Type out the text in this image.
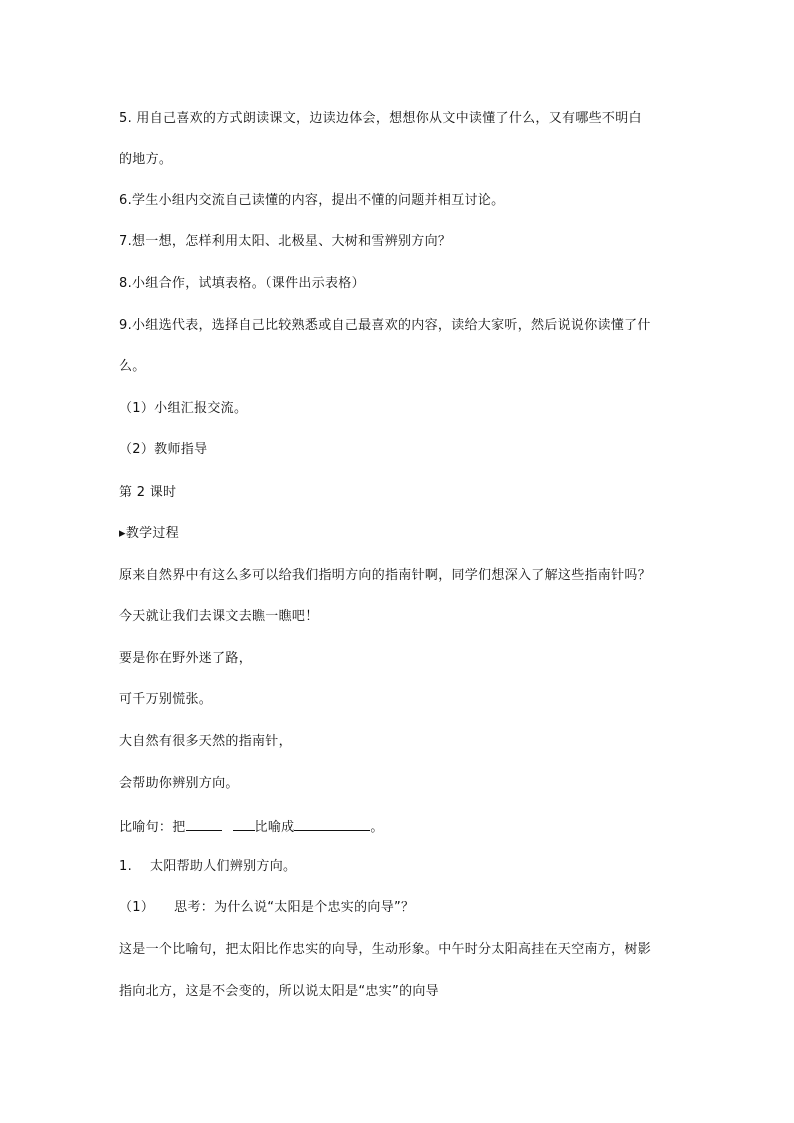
5. 用自己喜欢的方式朗读课文，边读边体会，想想你从文中读懂了什么，又有哪些不明白
的地方。
6.学生小组内交流自己读懂的内容，提出不懂的问题并相互讨论。
7.想一想，怎样利用太阳、北极星、大树和雪辨别方向？
8.小组合作，试填表格。（课件出示表格）
9.小组选代表，选择自己比较熟悉或自己最喜欢的内容，读给大家听，然后说说你读懂了什
么。
（1）小组汇报交流。
（2）教师指导
第 2 课时
▸教学过程
原来自然界中有这么多可以给我们指明方向的指南针啊，同学们想深入了解这些指南针吗？
今天就让我们去课文去瞧一瞧吧！
要是你在野外迷了路，
可千万别慌张。
大自然有很多天然的指南针，
会帮助你辨别方向。
比喻句：把	比喻成	。
1. 太阳帮助人们辨别方向。
（1） 思考：为什么说“太阳是个忠实的向导”？
这是一个比喻句，把太阳比作忠实的向导，生动形象。中午时分太阳高挂在天空南方，树影
指向北方，这是不会变的，所以说太阳是“忠实”的向导
